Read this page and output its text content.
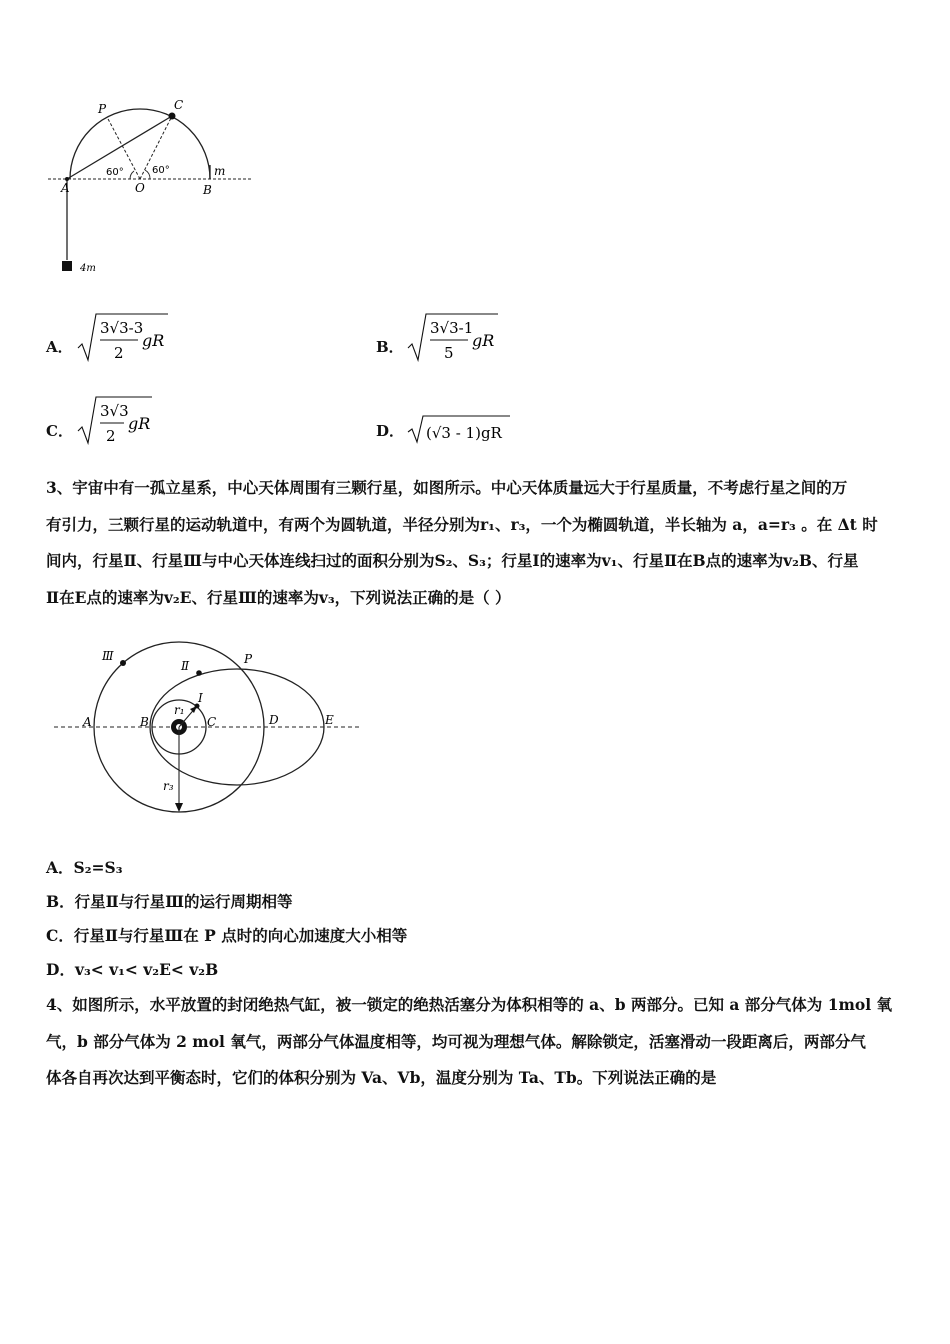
P	C
A	O	B
m
60°	60°
4m
A．
3√3-3
2
gR	B．
3√3-1
5
gR
C．
3√3
2
gR	D． (√3 - 1)gR
3、宇宙中有一孤立星系，中心天体周围有三颗行星，如图所示。中心天体质量远大于行星质量，不考虑行星之间的万
有引力，三颗行星的运动轨道中，有两个为圆轨道，半径分别为r₁、r₃，一个为椭圆轨道，半长轴为 a，a=r₃ 。在 Δt 时
间内，行星Ⅱ、行星Ⅲ与中心天体连线扫过的面积分别为S₂、S₃；行星Ⅰ的速率为v₁、行星Ⅱ在B点的速率为v₂B、行星
Ⅱ在E点的速率为v₂E、行星Ⅲ的速率为v₃，下列说法正确的是（ ）
Ⅲ
Ⅱ
Ⅰ
P
A	B	C	D	E
r₁
r₃
A．S₂=S₃
B．行星Ⅱ与行星Ⅲ的运行周期相等
C．行星Ⅱ与行星Ⅲ在 P 点时的向心加速度大小相等
D．v₃< v₁< v₂E< v₂B
4、如图所示，水平放置的封闭绝热气缸，被一锁定的绝热活塞分为体积相等的 a、b 两部分。已知 a 部分气体为 1mol 氧
气，b 部分气体为 2 mol 氧气，两部分气体温度相等，均可视为理想气体。解除锁定，活塞滑动一段距离后，两部分气
体各自再次达到平衡态时，它们的体积分别为 Va、Vb，温度分别为 Ta、Tb。下列说法正确的是
